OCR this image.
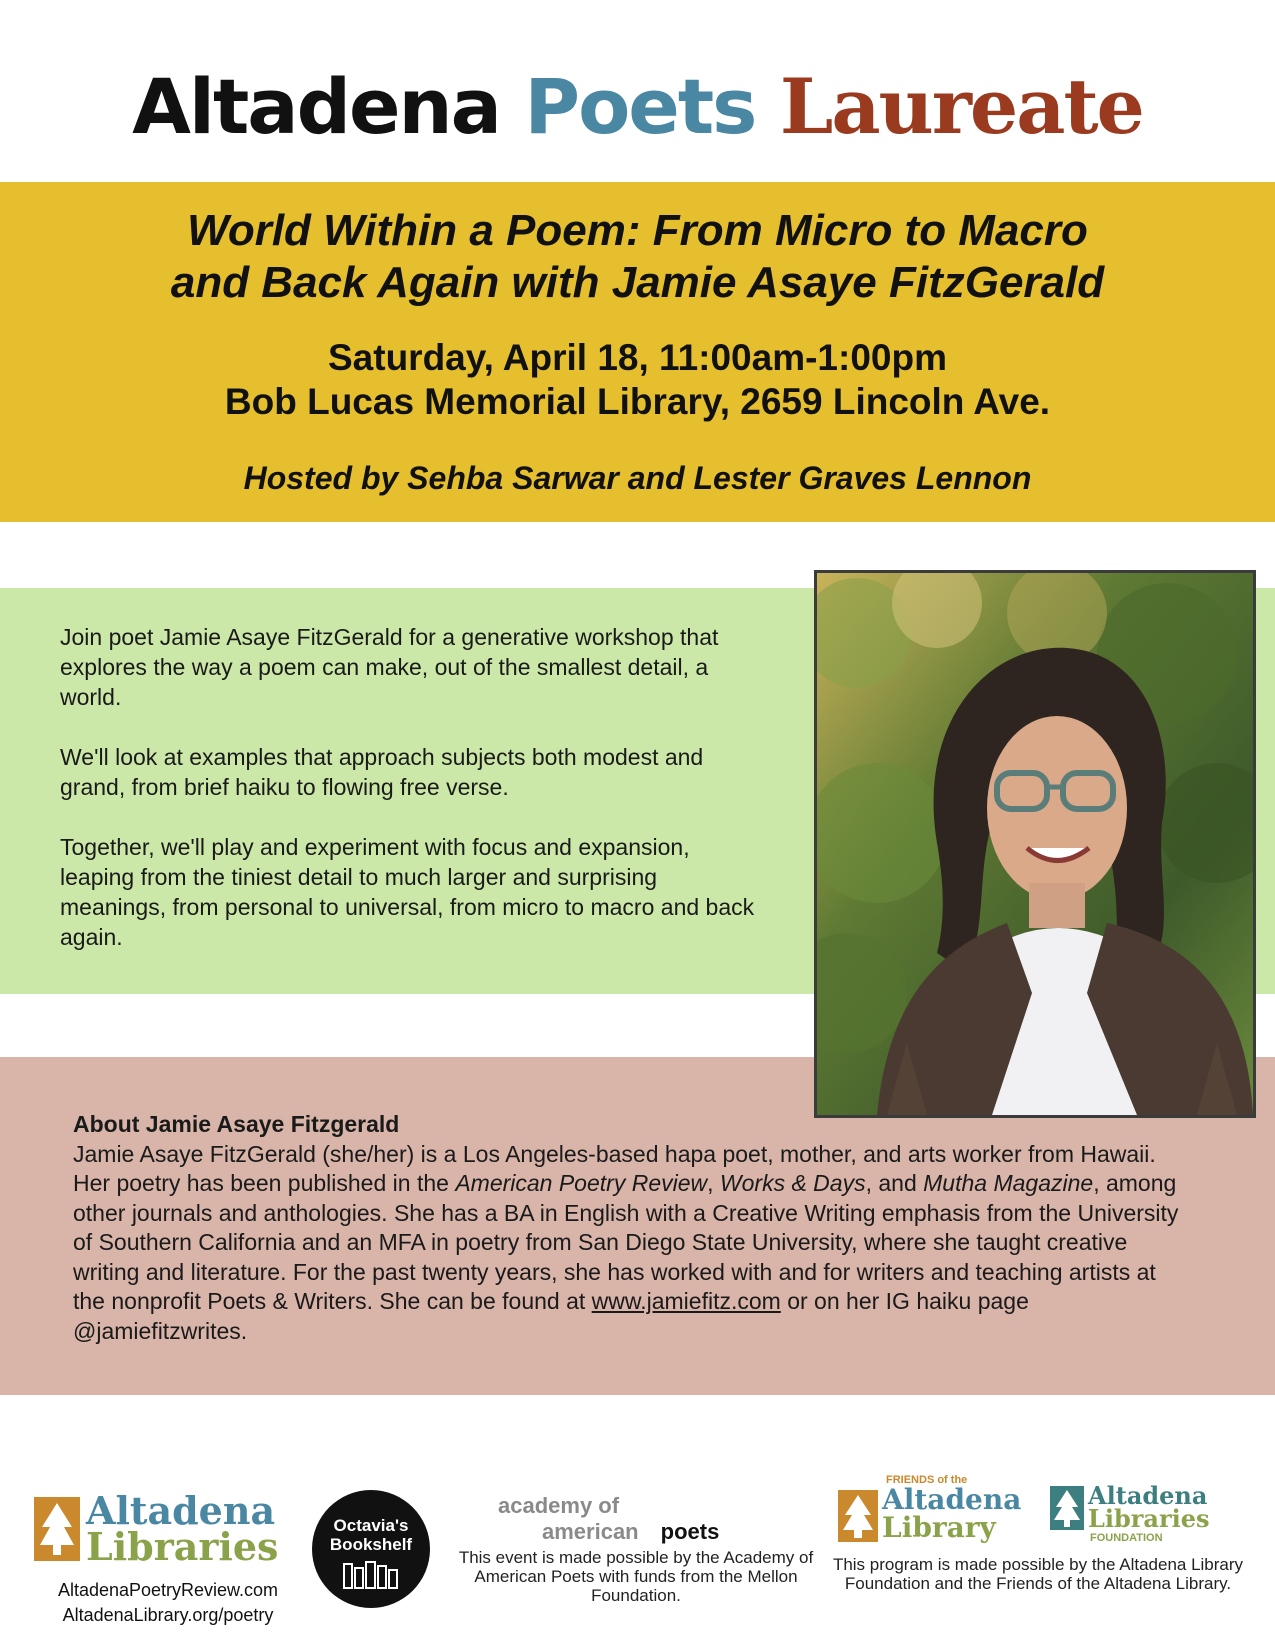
Altadena Poets Laureate
World Within a Poem: From Micro to Macro
and Back Again with Jamie Asaye FitzGerald
Saturday, April 18, 11:00am-1:00pm
Bob Lucas Memorial Library, 2659 Lincoln Ave.
Hosted by Sehba Sarwar and Lester Graves Lennon

Join poet Jamie Asaye FitzGerald for a generative workshop that explores the way a poem can make, out of the smallest detail, a world.

We'll look at examples that approach subjects both modest and grand, from brief haiku to flowing free verse.

Together, we'll play and experiment with focus and expansion, leaping from the tiniest detail to much larger and surprising meanings, from personal to universal, from micro to macro and back again.

About Jamie Asaye Fitzgerald
Jamie Asaye FitzGerald (she/her) is a Los Angeles-based hapa poet, mother, and arts worker from Hawaii. Her poetry has been published in the American Poetry Review, Works & Days, and Mutha Magazine, among other journals and anthologies. She has a BA in English with a Creative Writing emphasis from the University of Southern California and an MFA in poetry from San Diego State University, where she taught creative writing and literature. For the past twenty years, she has worked with and for writers and teaching artists at the nonprofit Poets & Writers. She can be found at www.jamiefitz.com or on her IG haiku page @jamiefitzwrites.
Altadena
Libraries
AltadenaPoetryReview.com
AltadenaLibrary.org/poetry
Octavia's
Bookshelf
academy of
american poets
This event is made possible by the Academy of American Poets with funds from the Mellon Foundation.
FRIENDS of the
Altadena
Library
Altadena
Libraries
FOUNDATION
This program is made possible by the Altadena Library Foundation and the Friends of the Altadena Library.
